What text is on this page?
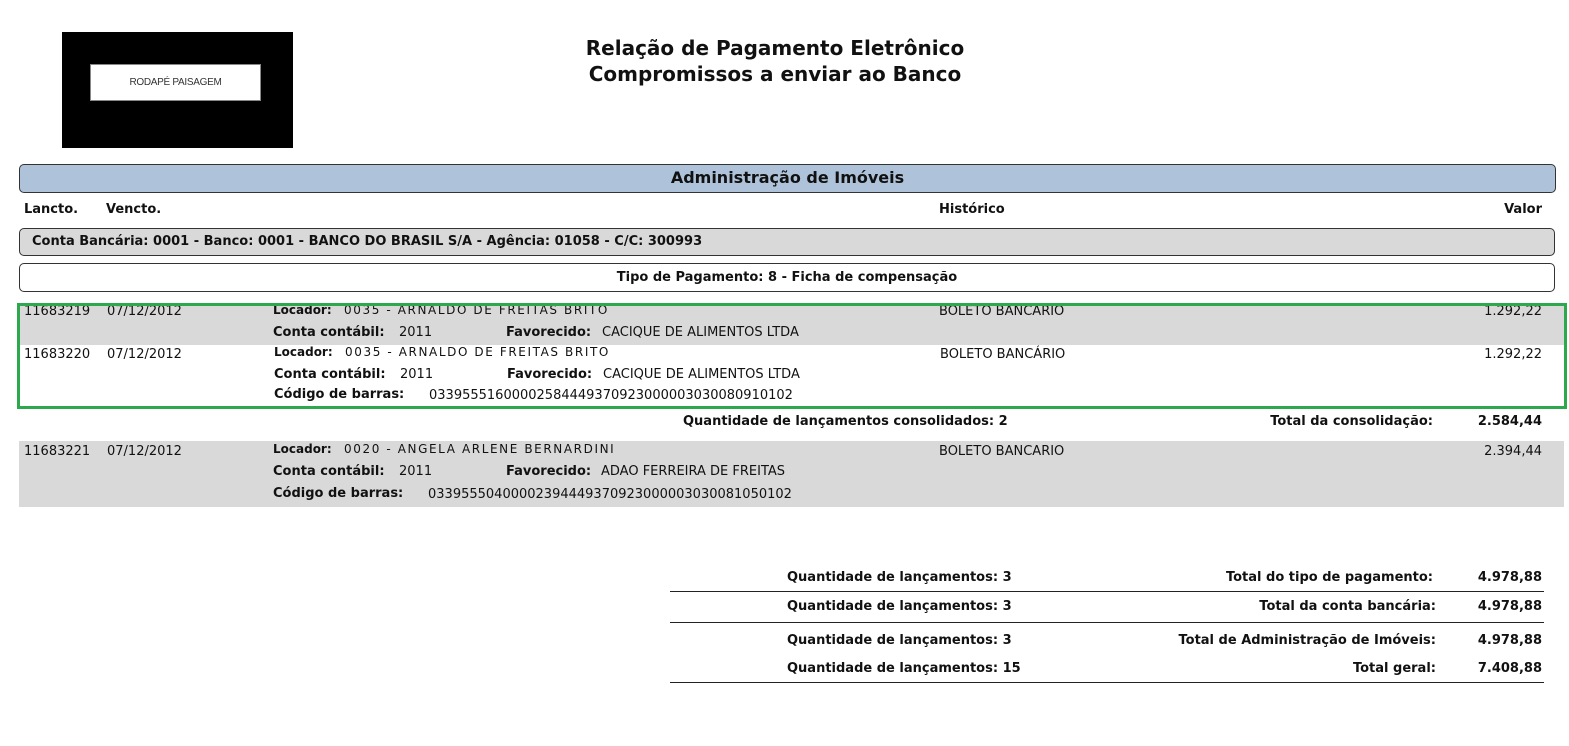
RODAPÉ PAISAGEM
Relação de Pagamento Eletrônico
Compromissos a enviar ao Banco
Administração de Imóveis
Lancto. Vencto.	Histórico	Valor
Conta Bancária: 0001 - Banco: 0001 - BANCO DO BRASIL S/A - Agência: 01058 - C/C: 300993
Tipo de Pagamento: 8 - Ficha de compensação
11683219 07/12/2012	Locador: 0035 - ARNALDO DE FREITAS BRITO	BOLETO BANCARIO	1.292,22
Conta contábil: 2011	Favorecido: CACIQUE DE ALIMENTOS LTDA
11683220 07/12/2012	Locador: 0035 - ARNALDO DE FREITAS BRITO	BOLETO BANCÁRIO	1.292,22
Conta contábil: 2011	Favorecido: CACIQUE DE ALIMENTOS LTDA
Código de barras: 03395551600002584449370923000003030080910102
Quantidade de lançamentos consolidados: 2	Total da consolidação:	2.584,44
11683221 07/12/2012	Locador: 0020 - ANGELA ARLENE BERNARDINI	BOLETO BANCARIO	2.394,44
Conta contábil: 2011	Favorecido: ADAO FERREIRA DE FREITAS
Código de barras: 03395550400002394449370923000003030081050102
Quantidade de lançamentos: 3	Total do tipo de pagamento:	4.978,88
Quantidade de lançamentos: 3	Total da conta bancária:	4.978,88
Quantidade de lançamentos: 3	Total de Administração de Imóveis:	4.978,88
Quantidade de lançamentos: 15	Total geral:	7.408,88
